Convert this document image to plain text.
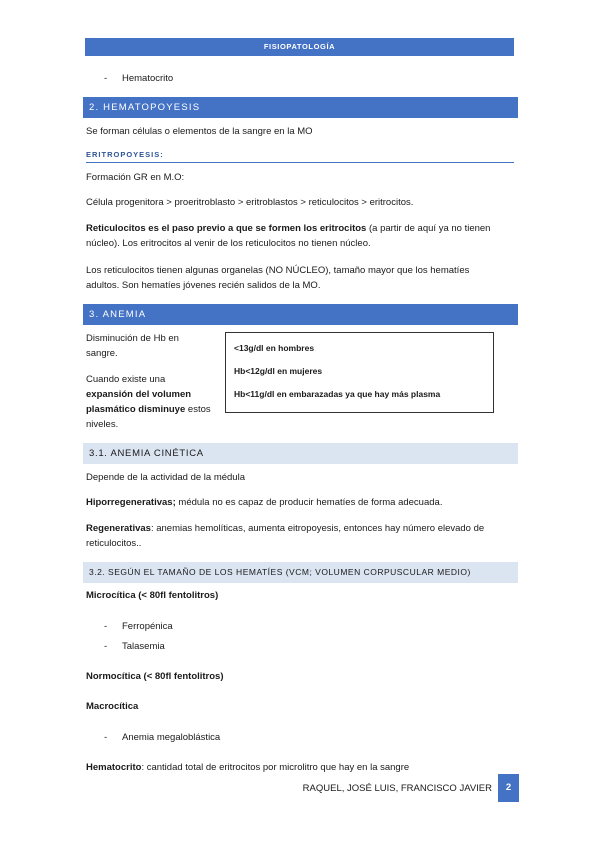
FISIOPATOLOGÍA
- Hematocrito
2. HEMATOPOYESIS
Se forman células o elementos de la sangre en la MO
ERITROPOYESIS:
Formación GR en M.O:
Célula progenitora > proeritroblasto > eritroblastos > reticulocitos > eritrocitos.
Reticulocitos es el paso previo a que se formen los eritrocitos (a partir de aquí ya no tienen
núcleo). Los eritrocitos al venir de los reticulocitos no tienen núcleo.
Los reticulocitos tienen algunas organelas (NO NÚCLEO), tamaño mayor que los hematíes
adultos. Son hematíes jóvenes recién salidos de la MO.
3. ANEMIA
Disminución de Hb en
sangre.
Cuando existe una
expansión del volumen
plasmático disminuye estos
niveles.
<13g/dl en hombres
Hb<12g/dl en mujeres
Hb<11g/dl en embarazadas ya que hay más plasma
3.1. ANEMIA CINÉTICA
Depende de la actividad de la médula
Hiporregenerativas; médula no es capaz de producir hematíes de forma adecuada.
Regenerativas: anemias hemolíticas, aumenta eitropoyesis, entonces hay número elevado de
reticulocitos..
3.2. SEGÚN EL TAMAÑO DE LOS HEMATÍES (VCM; VOLUMEN CORPUSCULAR MEDIO)
Microcítica (< 80fl fentolitros)
- Ferropénica
- Talasemia
Normocítica (< 80fl fentolitros)
Macrocítica
- Anemia megaloblástica
Hematocrito: cantidad total de eritrocitos por microlitro que hay en la sangre
RAQUEL, JOSÉ LUIS, FRANCISCO JAVIER	2
